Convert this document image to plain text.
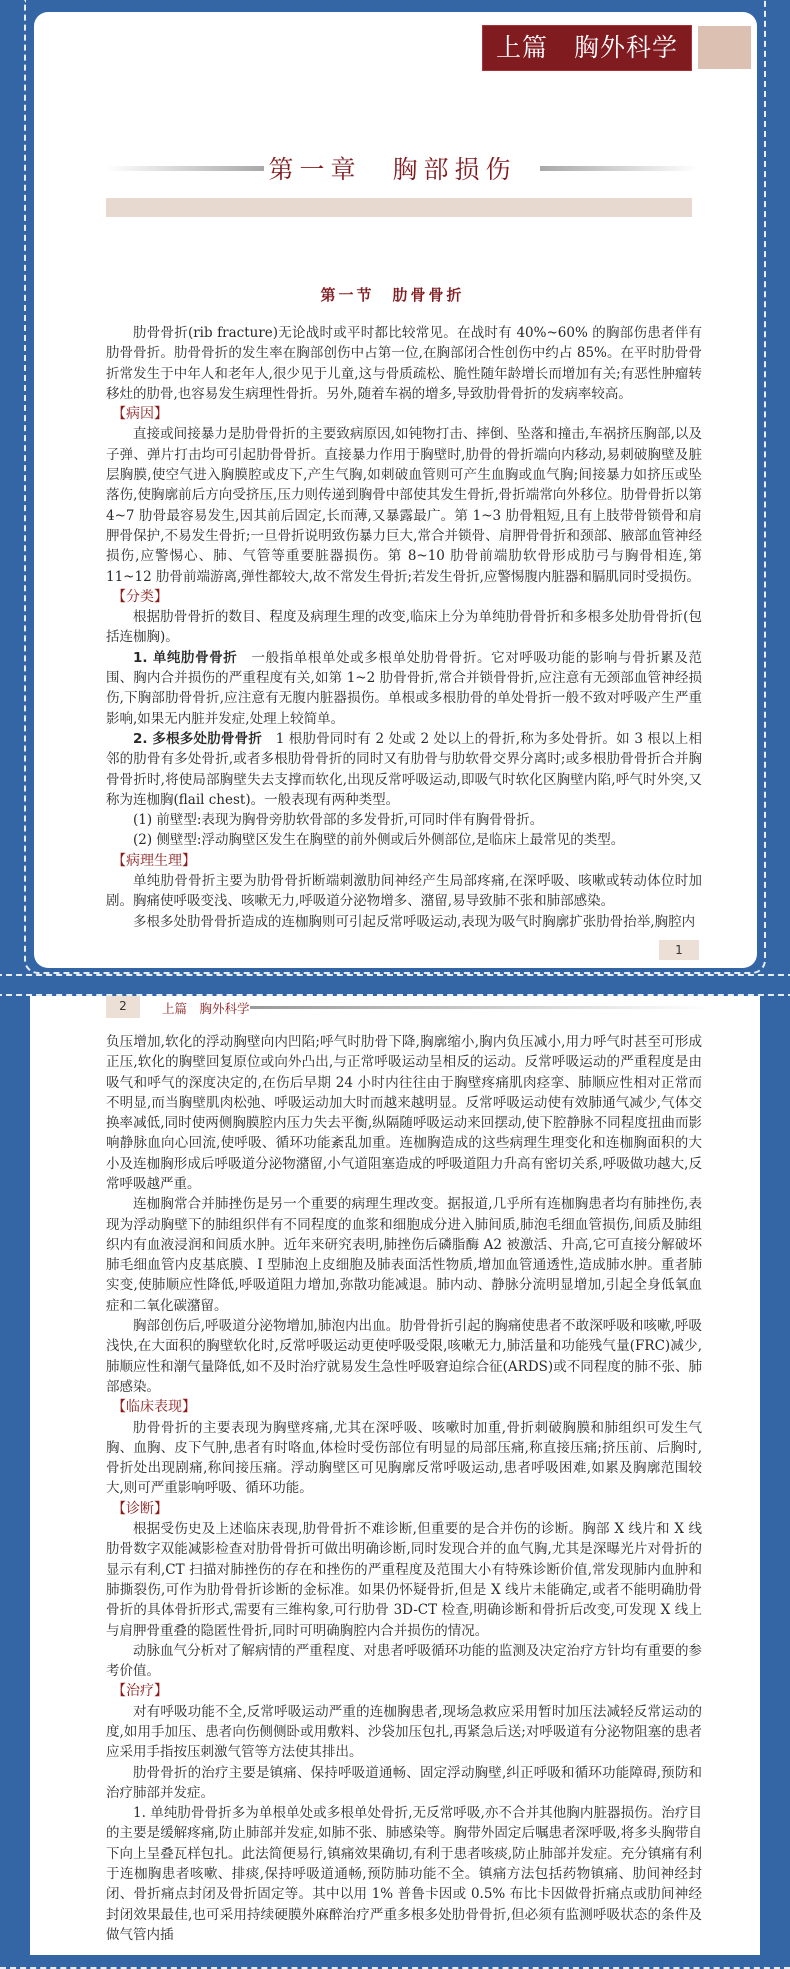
上篇　胸外科学
第一章　胸部损伤
第一节　肋骨骨折

肋骨骨折(rib fracture)无论战时或平时都比较常见。在战时有 40%~60% 的胸部伤患者伴有肋骨骨折。肋骨骨折的发生率在胸部创伤中占第一位,在胸部闭合性创伤中约占 85%。在平时肋骨骨折常发生于中年人和老年人,很少见于儿童,这与骨质疏松、脆性随年龄增长而增加有关;有恶性肿瘤转移灶的肋骨,也容易发生病理性骨折。另外,随着车祸的增多,导致肋骨骨折的发病率较高。

【病因】

直接或间接暴力是肋骨骨折的主要致病原因,如钝物打击、摔倒、坠落和撞击,车祸挤压胸部,以及子弹、弹片打击均可引起肋骨骨折。直接暴力作用于胸壁时,肋骨的骨折端向内移动,易刺破胸壁及脏层胸膜,使空气进入胸膜腔或皮下,产生气胸,如刺破血管则可产生血胸或血气胸;间接暴力如挤压或坠落伤,使胸廓前后方向受挤压,压力则传递到胸骨中部使其发生骨折,骨折端常向外移位。肋骨骨折以第 4~7 肋骨最容易发生,因其前后固定,长而薄,又暴露最广。第 1~3 肋骨粗短,且有上肢带骨锁骨和肩胛骨保护,不易发生骨折;一旦骨折说明致伤暴力巨大,常合并锁骨、肩胛骨骨折和颈部、腋部血管神经损伤,应警惕心、肺、气管等重要脏器损伤。第 8~10 肋骨前端肋软骨形成肋弓与胸骨相连,第 11~12 肋骨前端游离,弹性都较大,故不常发生骨折;若发生骨折,应警惕腹内脏器和膈肌同时受损伤。

【分类】

根据肋骨骨折的数目、程度及病理生理的改变,临床上分为单纯肋骨骨折和多根多处肋骨骨折(包括连枷胸)。

1. 单纯肋骨骨折　一般指单根单处或多根单处肋骨骨折。它对呼吸功能的影响与骨折累及范围、胸内合并损伤的严重程度有关,如第 1~2 肋骨骨折,常合并锁骨骨折,应注意有无颈部血管神经损伤,下胸部肋骨骨折,应注意有无腹内脏器损伤。单根或多根肋骨的单处骨折一般不致对呼吸产生严重影响,如果无内脏并发症,处理上较简单。

2. 多根多处肋骨骨折　1 根肋骨同时有 2 处或 2 处以上的骨折,称为多处骨折。如 3 根以上相邻的肋骨有多处骨折,或者多根肋骨骨折的同时又有肋骨与肋软骨交界分离时;或多根肋骨骨折合并胸骨骨折时,将使局部胸壁失去支撑而软化,出现反常呼吸运动,即吸气时软化区胸壁内陷,呼气时外突,又称为连枷胸(flail chest)。一般表现有两种类型。

(1) 前壁型:表现为胸骨旁肋软骨部的多发骨折,可同时伴有胸骨骨折。

(2) 侧壁型:浮动胸壁区发生在胸壁的前外侧或后外侧部位,是临床上最常见的类型。

【病理生理】

单纯肋骨骨折主要为肋骨骨折断端刺激肋间神经产生局部疼痛,在深呼吸、咳嗽或转动体位时加剧。胸痛使呼吸变浅、咳嗽无力,呼吸道分泌物增多、潴留,易导致肺不张和肺部感染。

多根多处肋骨骨折造成的连枷胸则可引起反常呼吸运动,表现为吸气时胸廓扩张肋骨抬举,胸腔内

1
2	上篇　胸外科学

负压增加,软化的浮动胸壁向内凹陷;呼气时肋骨下降,胸廓缩小,胸内负压减小,用力呼气时甚至可形成正压,软化的胸壁回复原位或向外凸出,与正常呼吸运动呈相反的运动。反常呼吸运动的严重程度是由吸气和呼气的深度决定的,在伤后早期 24 小时内往往由于胸壁疼痛肌肉痉挛、肺顺应性相对正常而不明显,而当胸壁肌肉松弛、呼吸运动加大时而越来越明显。反常呼吸运动使有效肺通气减少,气体交换率减低,同时使两侧胸膜腔内压力失去平衡,纵隔随呼吸运动来回摆动,使下腔静脉不同程度扭曲而影响静脉血向心回流,使呼吸、循环功能紊乱加重。连枷胸造成的这些病理生理变化和连枷胸面积的大小及连枷胸形成后呼吸道分泌物潴留,小气道阻塞造成的呼吸道阻力升高有密切关系,呼吸做功越大,反常呼吸越严重。

连枷胸常合并肺挫伤是另一个重要的病理生理改变。据报道,几乎所有连枷胸患者均有肺挫伤,表现为浮动胸壁下的肺组织伴有不同程度的血浆和细胞成分进入肺间质,肺泡毛细血管损伤,间质及肺组织内有血液浸润和间质水肿。近年来研究表明,肺挫伤后磷脂酶 A2 被激活、升高,它可直接分解破坏肺毛细血管内皮基底膜、I 型肺泡上皮细胞及肺表面活性物质,增加血管通透性,造成肺水肿。重者肺实变,使肺顺应性降低,呼吸道阻力增加,弥散功能减退。肺内动、静脉分流明显增加,引起全身低氧血症和二氧化碳潴留。

胸部创伤后,呼吸道分泌物增加,肺泡内出血。肋骨骨折引起的胸痛使患者不敢深呼吸和咳嗽,呼吸浅快,在大面积的胸壁软化时,反常呼吸运动更使呼吸受限,咳嗽无力,肺活量和功能残气量(FRC)减少,肺顺应性和潮气量降低,如不及时治疗就易发生急性呼吸窘迫综合征(ARDS)或不同程度的肺不张、肺部感染。

【临床表现】

肋骨骨折的主要表现为胸壁疼痛,尤其在深呼吸、咳嗽时加重,骨折刺破胸膜和肺组织可发生气胸、血胸、皮下气肿,患者有时咯血,体检时受伤部位有明显的局部压痛,称直接压痛;挤压前、后胸时,骨折处出现剧痛,称间接压痛。浮动胸壁区可见胸廓反常呼吸运动,患者呼吸困难,如累及胸廓范围较大,则可严重影响呼吸、循环功能。

【诊断】

根据受伤史及上述临床表现,肋骨骨折不难诊断,但重要的是合并伤的诊断。胸部 X 线片和 X 线肋骨数字双能减影检查对肋骨骨折可做出明确诊断,同时发现合并的血气胸,尤其是深曝光片对骨折的显示有利,CT 扫描对肺挫伤的存在和挫伤的严重程度及范围大小有特殊诊断价值,常发现肺内血肿和肺撕裂伤,可作为肋骨骨折诊断的金标准。如果仍怀疑骨折,但是 X 线片未能确定,或者不能明确肋骨骨折的具体骨折形式,需要有三维构象,可行肋骨 3D-CT 检查,明确诊断和骨折后改变,可发现 X 线上与肩胛骨重叠的隐匿性骨折,同时可明确胸腔内合并损伤的情况。

动脉血气分析对了解病情的严重程度、对患者呼吸循环功能的监测及决定治疗方针均有重要的参考价值。

【治疗】

对有呼吸功能不全,反常呼吸运动严重的连枷胸患者,现场急救应采用暂时加压法减轻反常运动的度,如用手加压、患者向伤侧侧卧或用敷料、沙袋加压包扎,再紧急后送;对呼吸道有分泌物阻塞的患者应采用手指按压刺激气管等方法使其排出。

肋骨骨折的治疗主要是镇痛、保持呼吸道通畅、固定浮动胸壁,纠正呼吸和循环功能障碍,预防和治疗肺部并发症。

1. 单纯肋骨骨折多为单根单处或多根单处骨折,无反常呼吸,亦不合并其他胸内脏器损伤。治疗目的主要是缓解疼痛,防止肺部并发症,如肺不张、肺感染等。胸带外固定后嘱患者深呼吸,将多头胸带自下向上呈叠瓦样包扎。此法简便易行,镇痛效果确切,有利于患者咳痰,防止肺部并发症。充分镇痛有利于连枷胸患者咳嗽、排痰,保持呼吸道通畅,预防肺功能不全。镇痛方法包括药物镇痛、肋间神经封闭、骨折痛点封闭及骨折固定等。其中以用 1% 普鲁卡因或 0.5% 布比卡因做骨折痛点或肋间神经封闭效果最佳,也可采用持续硬膜外麻醉治疗严重多根多处肋骨骨折,但必须有监测呼吸状态的条件及做气管内插
